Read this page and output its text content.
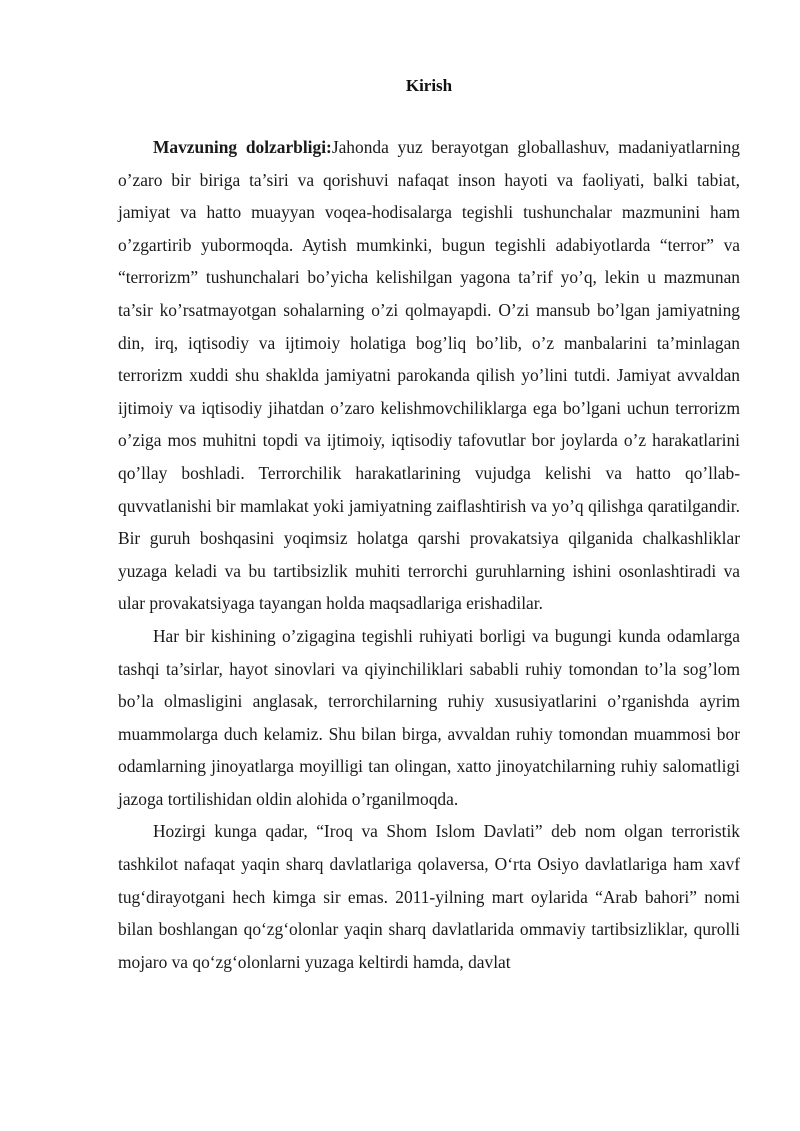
Kirish

Mavzuning dolzarbligi:Jahonda yuz berayotgan globallashuv, madaniyatlarning o’zaro bir biriga ta’siri va qorishuvi nafaqat inson hayoti va faoliyati, balki tabiat, jamiyat va hatto muayyan voqea-hodisalarga tegishli tushunchalar mazmunini ham o’zgartirib yubormoqda. Aytish mumkinki, bugun tegishli adabiyotlarda “terror” va “terrorizm” tushunchalari bo’yicha kelishilgan yagona ta’rif yo’q, lekin u mazmunan ta’sir ko’rsatmayotgan sohalarning o’zi qolmayapdi. O’zi mansub bo’lgan jamiyatning din, irq, iqtisodiy va ijtimoiy holatiga bog’liq bo’lib, o’z manbalarini ta’minlagan terrorizm xuddi shu shaklda jamiyatni parokanda qilish yo’lini tutdi. Jamiyat avvaldan ijtimoiy va iqtisodiy jihatdan o’zaro kelishmovchiliklarga ega bo’lgani uchun terrorizm o’ziga mos muhitni topdi va ijtimoiy, iqtisodiy tafovutlar bor joylarda o’z harakatlarini qo’llay boshladi. Terrorchilik harakatlarining vujudga kelishi va hatto qo’llab-quvvatlanishi bir mamlakat yoki jamiyatning zaiflashtirish va yo’q qilishga qaratilgandir. Bir guruh boshqasini yoqimsiz holatga qarshi provakatsiya qilganida chalkashliklar yuzaga keladi va bu tartibsizlik muhiti terrorchi guruhlarning ishini osonlashtiradi va ular provakatsiyaga tayangan holda maqsadlariga erishadilar.

Har bir kishining o’zigagina tegishli ruhiyati borligi va bugungi kunda odamlarga tashqi ta’sirlar, hayot sinovlari va qiyinchiliklari sababli ruhiy tomondan to’la sog’lom bo’la olmasligini anglasak, terrorchilarning ruhiy xususiyatlarini o’rganishda ayrim muammolarga duch kelamiz. Shu bilan birga, avvaldan ruhiy tomondan muammosi bor odamlarning jinoyatlarga moyilligi tan olingan, xatto jinoyatchilarning ruhiy salomatligi jazoga tortilishidan oldin alohida o’rganilmoqda.

Hozirgi kunga qadar, “Iroq va Shom Islom Davlati” deb nom olgan terroristik tashkilot nafaqat yaqin sharq davlatlariga qolaversa, O‘rta Osiyo davlatlariga ham xavf tug‘dirayotgani hech kimga sir emas. 2011-yilning mart oylarida “Arab bahori” nomi bilan boshlangan qo‘zg‘olonlar yaqin sharq davlatlarida ommaviy tartibsizliklar, qurolli mojaro va qo‘zg‘olonlarni yuzaga keltirdi hamda, davlat
